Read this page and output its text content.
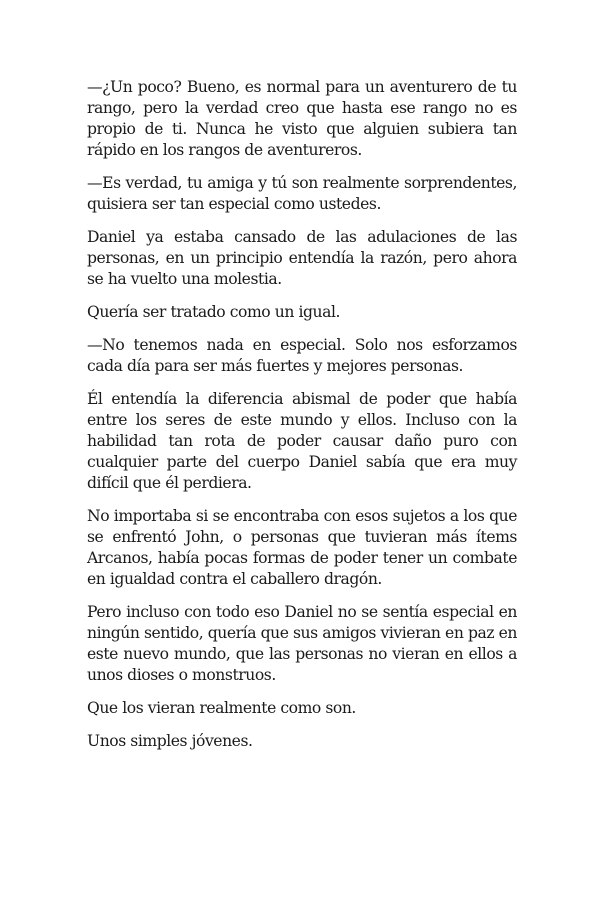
—¿Un poco? Bueno, es normal para un aventurero de tu rango, pero la verdad creo que hasta ese rango no es propio de ti. Nunca he visto que alguien subiera tan rápido en los rangos de aventureros.

—Es verdad, tu amiga y tú son realmente sorprendentes, quisiera ser tan especial como ustedes.

Daniel ya estaba cansado de las adulaciones de las personas, en un principio entendía la razón, pero ahora se ha vuelto una molestia.

Quería ser tratado como un igual.

—No tenemos nada en especial. Solo nos esforzamos cada día para ser más fuertes y mejores personas.

Él entendía la diferencia abismal de poder que había entre los seres de este mundo y ellos. Incluso con la habilidad tan rota de poder causar daño puro con cualquier parte del cuerpo Daniel sabía que era muy difícil que él perdiera.

No importaba si se encontraba con esos sujetos a los que se enfrentó John, o personas que tuvieran más ítems Arcanos, había pocas formas de poder tener un combate en igualdad contra el caballero dragón.

Pero incluso con todo eso Daniel no se sentía especial en ningún sentido, quería que sus amigos vivieran en paz en este nuevo mundo, que las personas no vieran en ellos a unos dioses o monstruos.

Que los vieran realmente como son.

Unos simples jóvenes.
